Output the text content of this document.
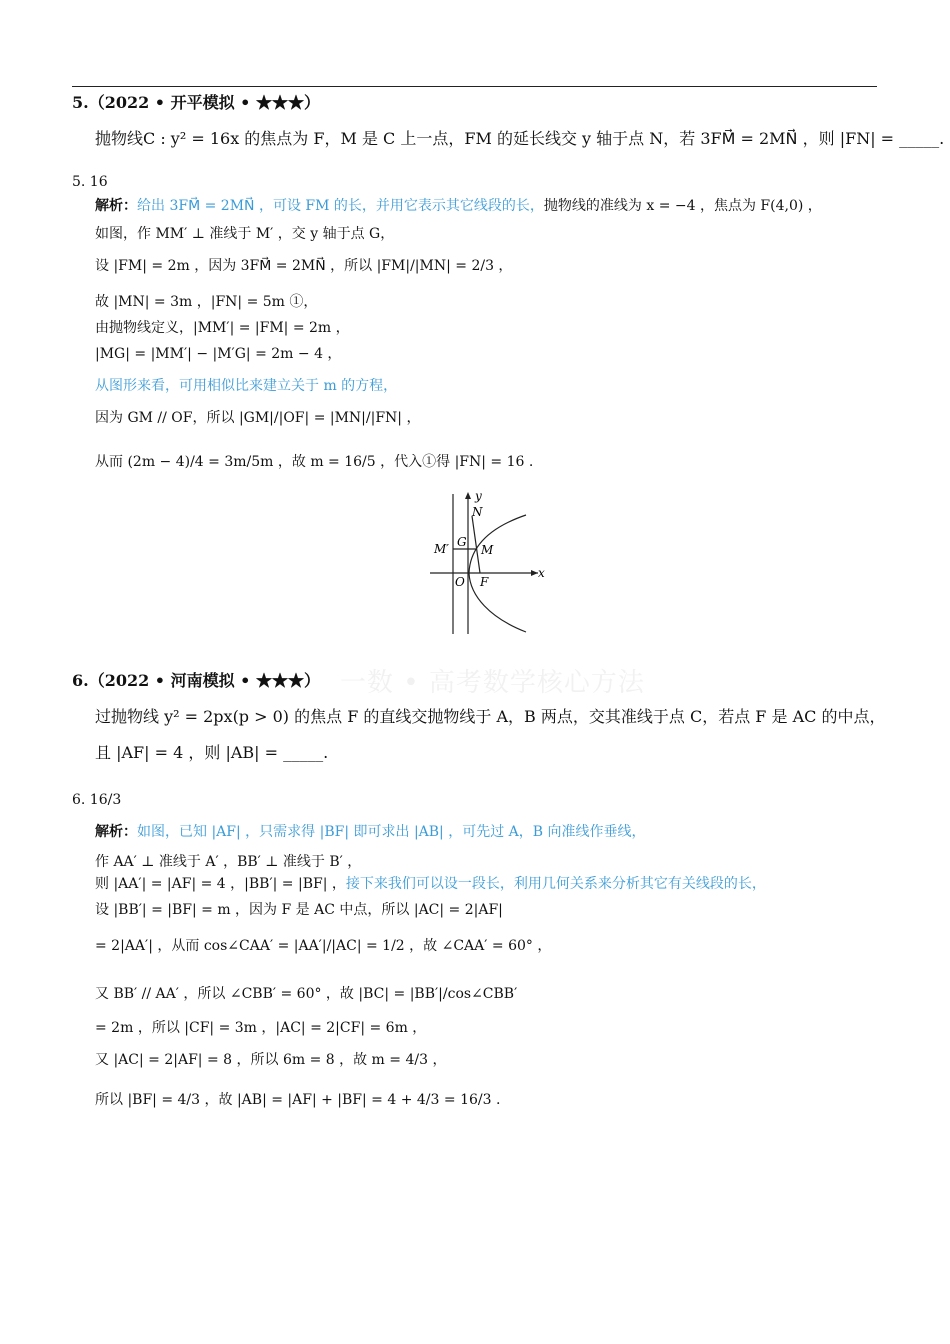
5.（2022 • 开平模拟 • ★★★）
抛物线C : y² = 16x 的焦点为 F，M 是 C 上一点，FM 的延长线交 y 轴于点 N，若 3FM⃗ = 2MN⃗ ，则 |FN| = _____.
5. 16
解析：给出 3FM⃗ = 2MN⃗ ，可设 FM 的长，并用它表示其它线段的长，抛物线的准线为 x = −4 ，焦点为 F(4,0) ，
如图，作 MM′ ⊥ 准线于 M′ ，交 y 轴于点 G，
设 |FM| = 2m ，因为 3FM⃗ = 2MN⃗ ，所以 |FM|/|MN| = 2/3 ，
故 |MN| = 3m ，|FN| = 5m ①，
由抛物线定义，|MM′| = |FM| = 2m ，
|MG| = |MM′| − |M′G| = 2m − 4 ，
从图形来看，可用相似比来建立关于 m 的方程，
因为 GM // OF，所以 |GM|/|OF| = |MN|/|FN| ，
从而 (2m − 4)/4 = 3m/5m ，故 m = 16/5 ，代入①得 |FN| = 16 .
y
x
N
G
M′	M
O F
一数 • 高考数学核心方法
6.（2022 • 河南模拟 • ★★★）
过抛物线 y² = 2px(p > 0) 的焦点 F 的直线交抛物线于 A，B 两点，交其准线于点 C，若点 F 是 AC 的中点，
且 |AF| = 4 ，则 |AB| = _____.
6. 16/3
解析：如图，已知 |AF| ，只需求得 |BF| 即可求出 |AB| ，可先过 A，B 向准线作垂线，
作 AA′ ⊥ 准线于 A′ ，BB′ ⊥ 准线于 B′ ，
则 |AA′| = |AF| = 4 ，|BB′| = |BF| ，接下来我们可以设一段长，利用几何关系来分析其它有关线段的长，
设 |BB′| = |BF| = m ，因为 F 是 AC 中点，所以 |AC| = 2|AF|
= 2|AA′| ，从而 cos∠CAA′ = |AA′|/|AC| = 1/2 ，故 ∠CAA′ = 60° ，
又 BB′ // AA′ ，所以 ∠CBB′ = 60° ，故 |BC| = |BB′|/cos∠CBB′
= 2m ，所以 |CF| = 3m ，|AC| = 2|CF| = 6m ，
又 |AC| = 2|AF| = 8 ，所以 6m = 8 ，故 m = 4/3 ，
所以 |BF| = 4/3 ，故 |AB| = |AF| + |BF| = 4 + 4/3 = 16/3 .
